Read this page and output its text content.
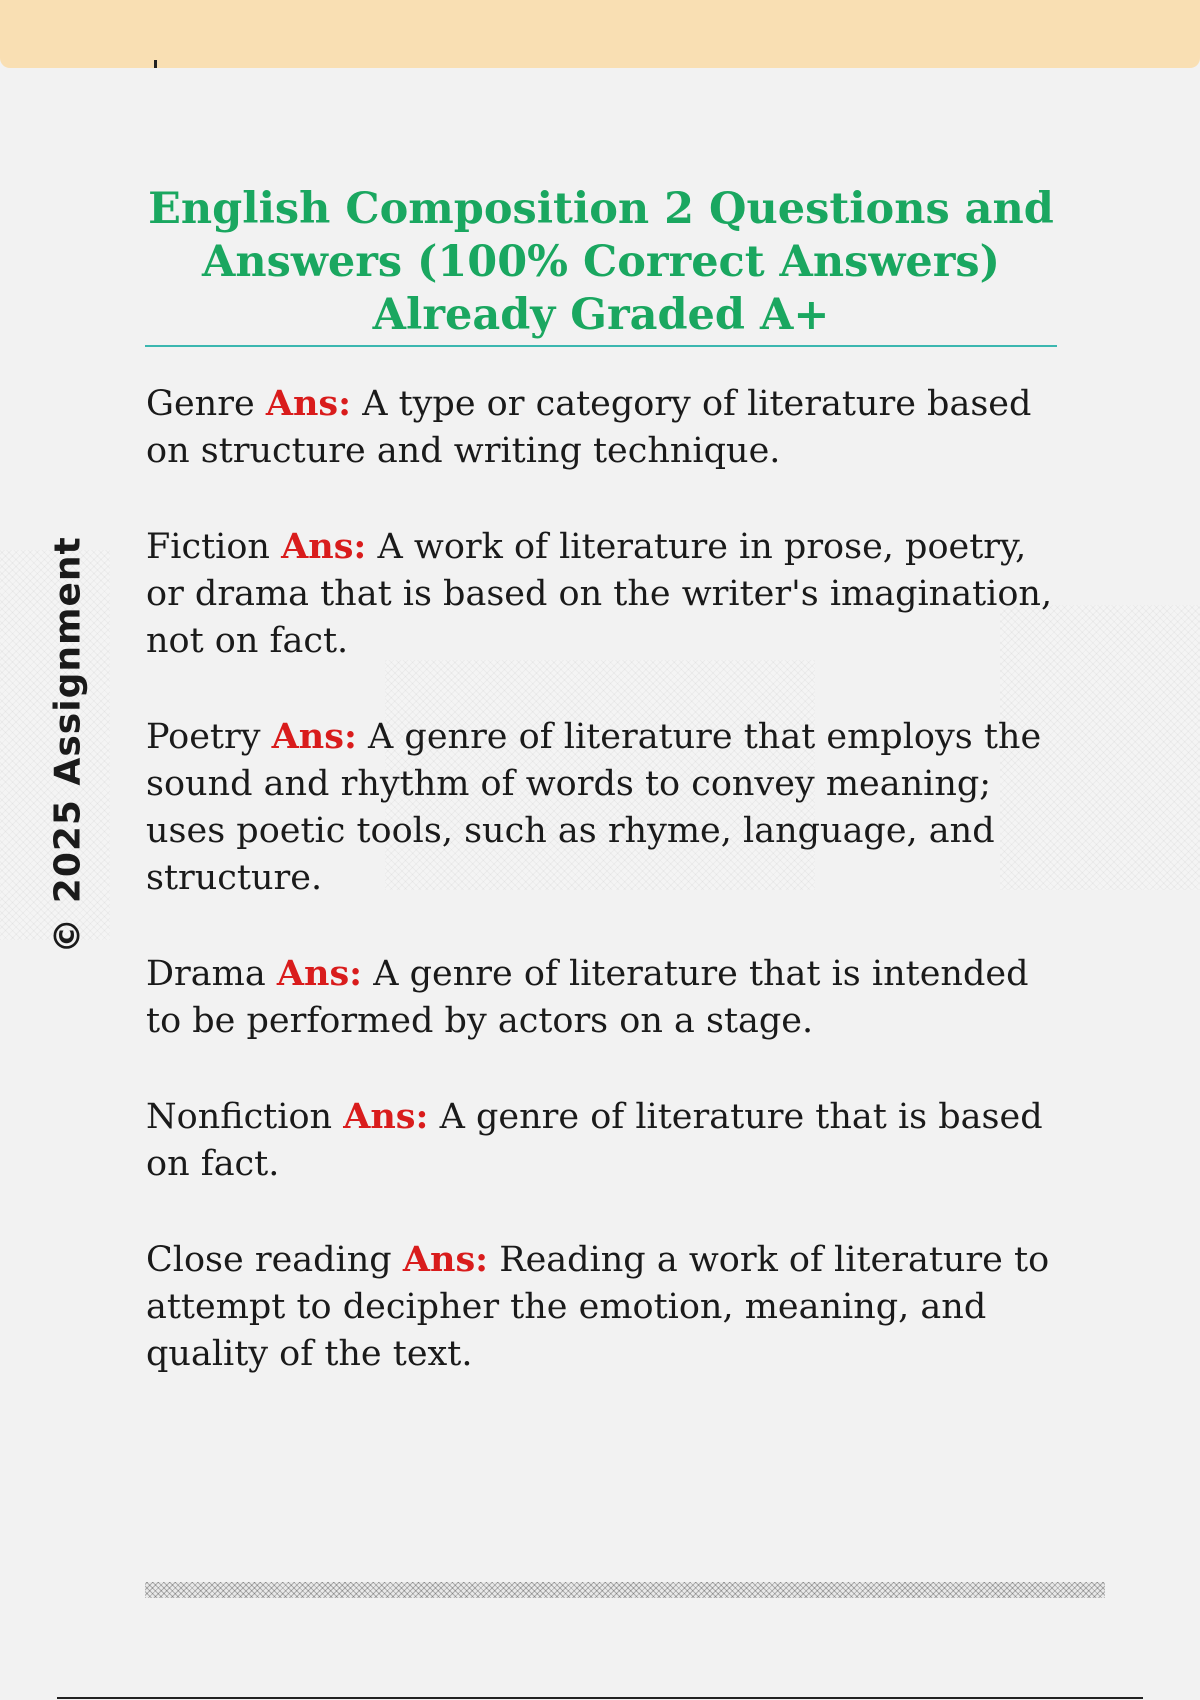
© 2025 Assignment
English Composition 2 Questions and Answers (100% Correct Answers) Already Graded A+

Genre Ans: A type or category of literature based on structure and writing technique.

Fiction Ans: A work of literature in prose, poetry, or drama that is based on the writer's imagination, not on fact.

Poetry Ans: A genre of literature that employs the sound and rhythm of words to convey meaning; uses poetic tools, such as rhyme, language, and structure.

Drama Ans: A genre of literature that is intended to be performed by actors on a stage.

Nonfiction Ans: A genre of literature that is based on fact.

Close reading Ans: Reading a work of literature to attempt to decipher the emotion, meaning, and quality of the text.
